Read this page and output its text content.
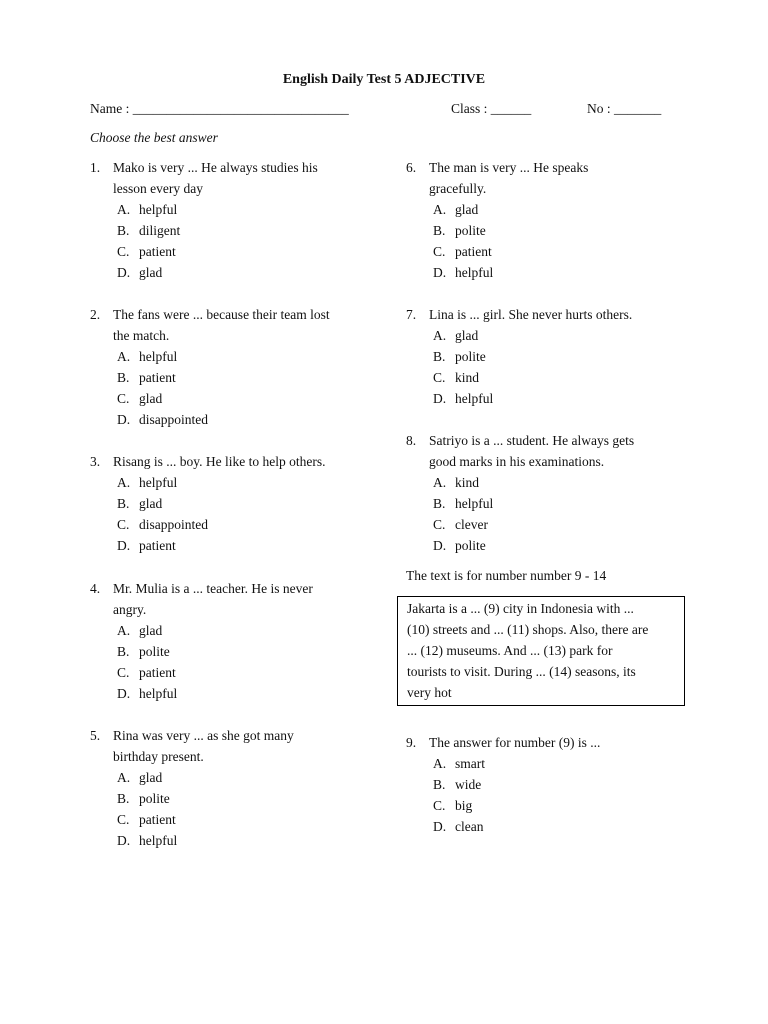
English Daily Test 5 ADJECTIVE
Name : ________________________________	Class : ______	No : _______
Choose the best answer
1. Mako is very ... He always studies his
lesson every day
A. helpful
B. diligent
C. patient
D. glad
2. The fans were ... because their team lost
the match.
A. helpful
B. patient
C. glad
D. disappointed
3. Risang is ... boy. He like to help others.
A. helpful
B. glad
C. disappointed
D. patient
4. Mr. Mulia is a ... teacher. He is never
angry.
A. glad
B. polite
C. patient
D. helpful
5. Rina was very ... as she got many
birthday present.
A. glad
B. polite
C. patient
D. helpful
6. The man is very ... He speaks
gracefully.
A. glad
B. polite
C. patient
D. helpful
7. Lina is ... girl. She never hurts others.
A. glad
B. polite
C. kind
D. helpful
8. Satriyo is a ... student. He always gets
good marks in his examinations.
A. kind
B. helpful
C. clever
D. polite
9. The answer for number (9) is ...
A. smart
B. wide
C. big
D. clean
The text is for number number 9 - 14
Jakarta is a ... (9) city in Indonesia with ...
(10) streets and ... (11) shops. Also, there are
... (12) museums. And ... (13) park for
tourists to visit. During ... (14) seasons, its
very hot
